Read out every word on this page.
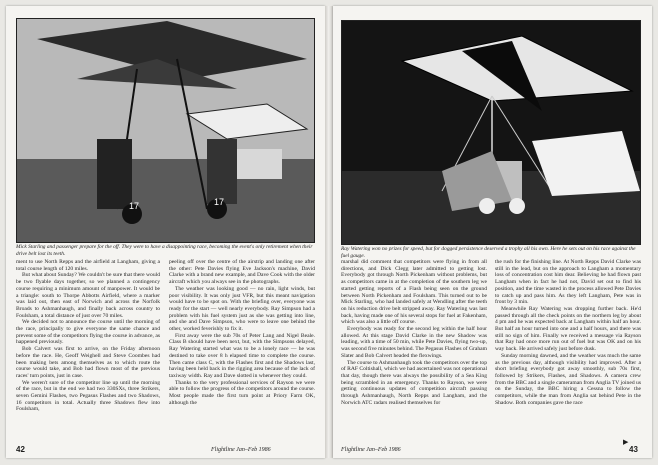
17	17
Mick Starling and passenger prepare for the off. They were to have a disappointing race, becoming the event's only retirement when their drive belt lost its teeth.

ment to use North Repps and the airfield at Langham, giving a total course length of 120 miles.

But what about Sunday? We couldn't be sure that there would be two flyable days together, so we planned a contingency course requiring a minimum amount of manpower. It would be a triangle: south to Thorpe Abbotts Airfield, where a marker was laid out, then east of Norwich and across the Norfolk Broads to Ashmanhaugh, and finally back across country to Foulsham, a total distance of just over 70 miles.

We decided not to announce the course until the morning of the race, principally to give everyone the same chance and prevent some of the competitors flying the course in advance, as happened previously.

Bob Calvert was first to arrive, on the Friday afternoon before the race. He, Geoff Weighell and Steve Coombes had been making bets among themselves as to which route the course would take, and Bob had flown most of the previous races' turn points, just in case.

We weren't sure of the competitor line up until the morning of the race, but in the end we had two 330SXs, three Strikers, seven Gemini Flashes, two Pegasus Flashes and two Shadows, 16 competitors in total. Actually three Shadows flew into Foulsham,

peeling off over the centre of the airstrip and landing one after the other: Pete Davies flying Eve Jackson's machine, David Clarke with a brand new example, and Dave Cook with the older aircraft which you always see in the photographs.

The weather was looking good — no rain, light winds, but poor visibility. It was only just VFR, but this meant navigation would have to be spot on. With the briefing over, everyone was ready for the start — well nearly everybody. Ray Simpson had a problem with his fuel system just as she was getting into line, and she and Dave Simpson, who were to leave one behind the other, worked feverishly to fix it.

First away were the sub 70s of Peter Lang and Nigel Beale. Class B should have been next, but, with the Simpsons delayed, Ray Watering started what was to be a lonely race — he was destined to take over 8 h elapsed time to complete the course. Then came class C, with the Flashes first and the Shadows last, having been held back in the rigging area because of the lack of taxiway width. Ray and Dave slotted in whenever they could.

Thanks to the very professional services of Rayson we were able to follow the progress of the competitors around the course. Most people made the first turn point at Priory Farm OK, although the

42	Flightline Jan–Feb 1986
Ray Watering won no prizes for speed, but for dogged persistence deserved a trophy all his own. Here he sets out on his race against the fuel gauge.

marshal did comment that competitors were flying in from all directions, and Dick Clegg later admitted to getting lost. Everybody got through North Pickenham without problems, but as competitors came in at the completion of the southern leg we started getting reports of a Flash being seen on the ground between North Pickenham and Foulsham. This turned out to be Mick Starling, who had landed safely at Wendling after the teeth on his reduction drive belt stripped away. Ray Watering was last back, having made one of his several stops for fuel at Fakenham, which was also a little off course.

Everybody was ready for the second leg within the half hour allowed. At this stage David Clarke in the new Shadow was leading, with a time of 50 min, while Pete Davies, flying two-up, was second five minutes behind. The Pegasus Flashes of Graham Slater and Bob Calvert headed the flexwings.

The course to Ashmanhaugh took the competitors over the top of RAF Coltishall, which we had ascertained was not operational that day, though there was always the possibility of a Sea King being scrambled in an emergency. Thanks to Rayson, we were getting continuous updates of competition aircraft passing through Ashmanhaugh, North Repps and Langham, and the Norwich ATC radars realised themselves for

the rush for the finishing line. At North Repps David Clarke was still in the lead, but on the approach to Langham a momentary loss of concentration cost him dear. Believing he had flown past Langham when in fact he had not, David set out to find his position, and the time wasted in the process allowed Pete Davies to catch up and pass him. As they left Langham, Pete was in front by 3 min.

Meanwhile Ray Watering was dropping further back. He'd passed through all the check points on the northern leg by about 4 pm and he was expected back at Langham within half an hour. But half an hour turned into one and a half hours, and there was still no sign of him. Finally we received a message via Rayson that Ray had once more run out of fuel but was OK and on his way back. He arrived safely just before dusk.

Sunday morning dawned, and the weather was much the same as the previous day, although visibility had improved. After a short briefing everybody got away smoothly, sub 70s first, followed by Strikers, Flashes, and Shadows. A camera crew from the BBC and a single cameraman from Anglia TV joined us on the Sunday, the BBC hiring a Cessna to follow the competitors, while the man from Anglia sat behind Pete in the Shadow. Both companies gave the race

Flightline Jan–Feb 1986
▶
43
